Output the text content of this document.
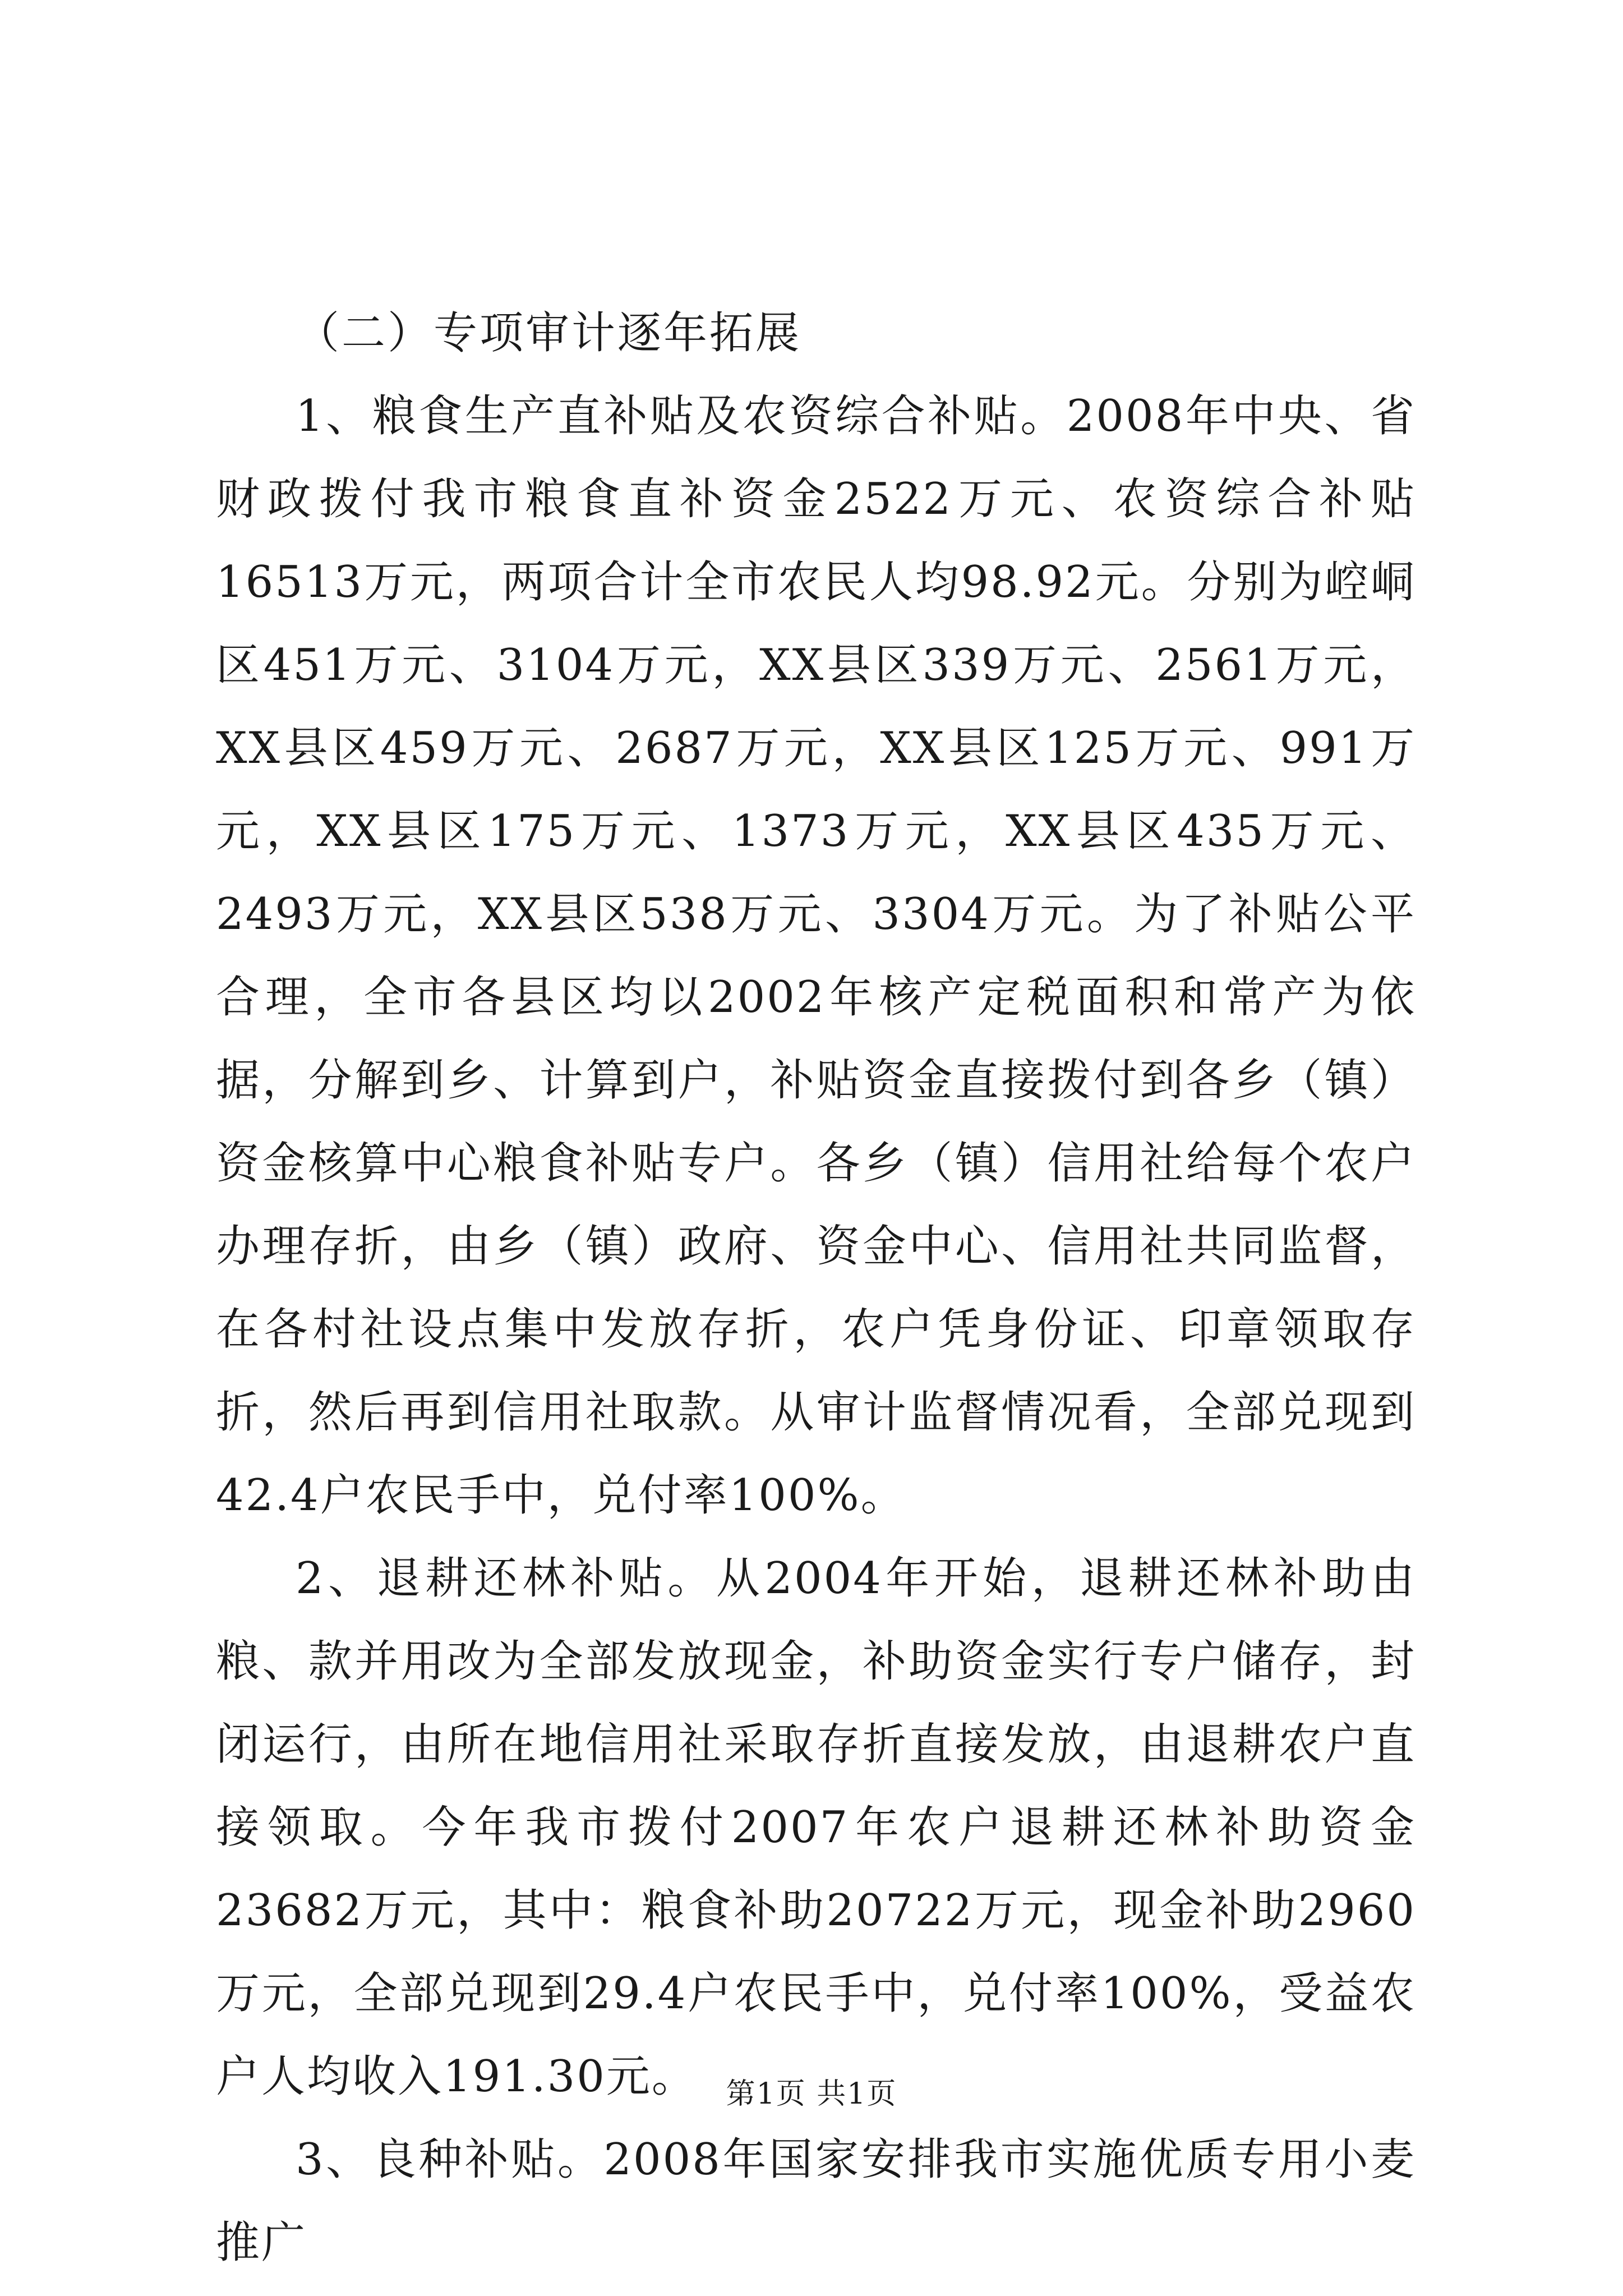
（二）专项审计逐年拓展

1、粮食生产直补贴及农资综合补贴。2008年中央、省财政拨付我市粮食直补资金2522万元、农资综合补贴16513万元，两项合计全市农民人均98.92元。分别为崆峒区451万元、3104万元，XX县区339万元、2561万元，XX县区459万元、2687万元，XX县区125万元、991万元，XX县区175万元、1373万元，XX县区435万元、2493万元，XX县区538万元、3304万元。为了补贴公平合理，全市各县区均以2002年核产定税面积和常产为依据，分解到乡、计算到户，补贴资金直接拨付到各乡（镇）资金核算中心粮食补贴专户。各乡（镇）信用社给每个农户办理存折，由乡（镇）政府、资金中心、信用社共同监督，在各村社设点集中发放存折，农户凭身份证、印章领取存折，然后再到信用社取款。从审计监督情况看，全部兑现到42.4户农民手中，兑付率100%。

2、退耕还林补贴。从2004年开始，退耕还林补助由粮、款并用改为全部发放现金，补助资金实行专户储存，封闭运行，由所在地信用社采取存折直接发放，由退耕农户直接领取。今年我市拨付2007年农户退耕还林补助资金23682万元，其中：粮食补助20722万元，现金补助2960万元，全部兑现到29.4户农民手中，兑付率100%，受益农户人均收入191.30元。

3、良种补贴。2008年国家安排我市实施优质专用小麦推广

第1页 共1页
